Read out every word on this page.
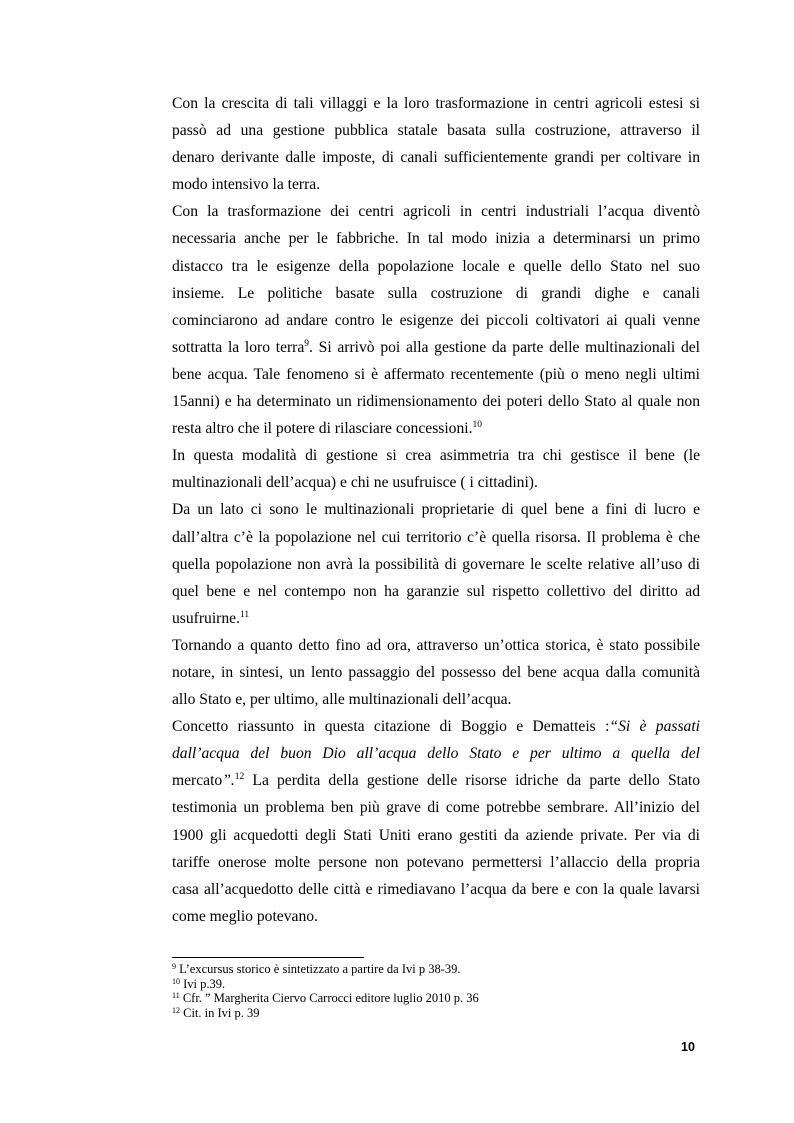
Con la crescita di tali villaggi e la loro trasformazione in centri agricoli estesi si
passò ad una gestione pubblica statale basata sulla costruzione, attraverso il
denaro derivante dalle imposte, di canali sufficientemente grandi per coltivare in
modo intensivo la terra.
Con la trasformazione dei centri agricoli in centri industriali l’acqua diventò
necessaria anche per le fabbriche. In tal modo inizia a determinarsi un primo
distacco tra le esigenze della popolazione locale e quelle dello Stato nel suo
insieme. Le politiche basate sulla costruzione di grandi dighe e canali
cominciarono ad andare contro le esigenze dei piccoli coltivatori ai quali venne
sottratta la loro terra$^9$. Si arrivò poi alla gestione da parte delle multinazionali del
bene acqua. Tale fenomeno si è affermato recentemente (più o meno negli ultimi
15anni) e ha determinato un ridimensionamento dei poteri dello Stato al quale non
resta altro che il potere di rilasciare concessioni.$^{10}$
In questa modalità di gestione si crea asimmetria tra chi gestisce il bene (le
multinazionali dell’acqua) e chi ne usufruisce ( i cittadini).
Da un lato ci sono le multinazionali proprietarie di quel bene a fini di lucro e
dall’altra c’è la popolazione nel cui territorio c’è quella risorsa. Il problema è che
quella popolazione non avrà la possibilità di governare le scelte relative all’uso di
quel bene e nel contempo non ha garanzie sul rispetto collettivo del diritto ad
usufruirne.$^{11}$
Tornando a quanto detto fino ad ora, attraverso un’ottica storica, è stato possibile
notare, in sintesi, un lento passaggio del possesso del bene acqua dalla comunità
allo Stato e, per ultimo, alle multinazionali dell’acqua.
Concetto riassunto in questa citazione di Boggio e Dematteis :“Si è passati
dall’acqua del buon Dio all’acqua dello Stato e per ultimo a quella del
mercato”.$^{12}$ La perdita della gestione delle risorse idriche da parte dello Stato
testimonia un problema ben più grave di come potrebbe sembrare. All’inizio del
1900 gli acquedotti degli Stati Uniti erano gestiti da aziende private. Per via di
tariffe onerose molte persone non potevano permettersi l’allaccio della propria
casa all’acquedotto delle città e rimediavano l’acqua da bere e con la quale lavarsi
come meglio potevano.
$^9$ L’excursus storico è sintetizzato a partire da Ivi p 38-39.
$^{10}$ Ivi p.39.
$^{11}$ Cfr. ” Margherita Ciervo Carrocci editore luglio 2010 p. 36
$^{12}$ Cit. in Ivi p. 39
10
